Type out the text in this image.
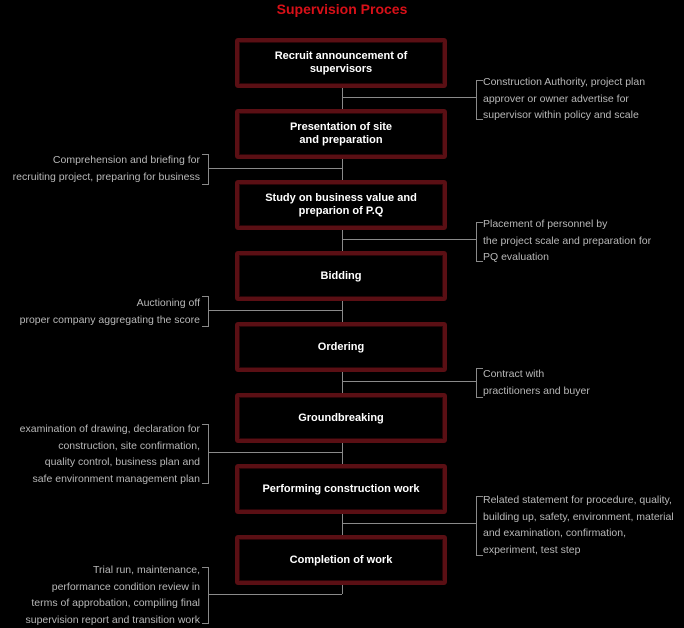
Supervision Proces
Recruit announcement of
supervisors
Presentation of site
and preparation
Study on business value and
preparion of P.Q
Bidding
Ordering
Groundbreaking
Performing construction work
Completion of work
Construction Authority, project plan
approver or owner advertise for
supervisor within policy and scale
Comprehension and briefing for
recruiting project, preparing for business
Placement of personnel by
the project scale and preparation for
PQ evaluation
Auctioning off
proper company aggregating the score
Contract with
practitioners and buyer
examination of drawing, declaration for
construction, site confirmation,
quality control, business plan and
safe environment management plan
Related statement for procedure, quality,
building up, safety, environment, material
and examination, confirmation,
experiment, test step
Trial run, maintenance,
performance condition review in
terms of approbation, compiling final
supervision report and transition work
